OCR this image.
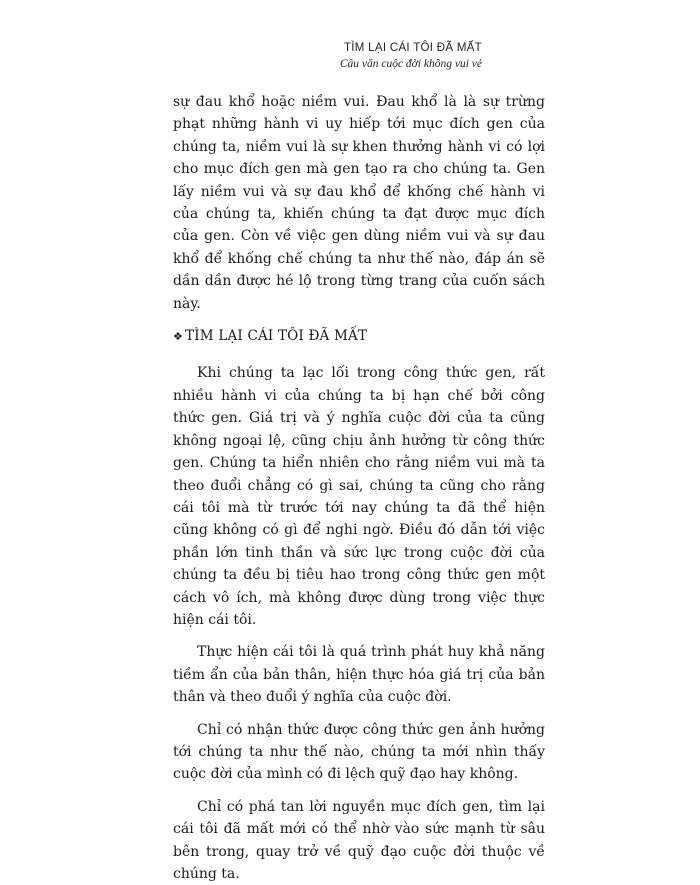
TÌM LẠI CÁI TÔI ĐÃ MẤT
Câu văn cuộc đời không vui vẻ

sự đau khổ hoặc niềm vui. Đau khổ là là sự trừng phạt những hành vi uy hiếp tới mục đích gen của chúng ta, niềm vui là sự khen thưởng hành vi có lợi cho mục đích gen mà gen tạo ra cho chúng ta. Gen lấy niềm vui và sự đau khổ để khống chế hành vi của chúng ta, khiến chúng ta đạt được mục đích của gen. Còn về việc gen dùng niềm vui và sự đau khổ để khống chế chúng ta như thế nào, đáp án sẽ dần dần được hé lộ trong từng trang của cuốn sách này.

❖ TÌM LẠI CÁI TÔI ĐÃ MẤT

Khi chúng ta lạc lối trong công thức gen, rất nhiều hành vi của chúng ta bị hạn chế bởi công thức gen. Giá trị và ý nghĩa cuộc đời của ta cũng không ngoại lệ, cũng chịu ảnh hưởng từ công thức gen. Chúng ta hiển nhiên cho rằng niềm vui mà ta theo đuổi chẳng có gì sai, chúng ta cũng cho rằng cái tôi mà từ trước tới nay chúng ta đã thể hiện cũng không có gì để nghi ngờ. Điều đó dẫn tới việc phần lớn tinh thần và sức lực trong cuộc đời của chúng ta đều bị tiêu hao trong công thức gen một cách vô ích, mà không được dùng trong việc thực hiện cái tôi.

Thực hiện cái tôi là quá trình phát huy khả năng tiềm ẩn của bản thân, hiện thực hóa giá trị của bản thân và theo đuổi ý nghĩa của cuộc đời.

Chỉ có nhận thức được công thức gen ảnh hưởng tới chúng ta như thế nào, chúng ta mới nhìn thấy cuộc đời của mình có đi lệch quỹ đạo hay không.

Chỉ có phá tan lời nguyền mục đích gen, tìm lại cái tôi đã mất mới có thể nhờ vào sức mạnh từ sâu bên trong, quay trở về quỹ đạo cuộc đời thuộc về chúng ta.
